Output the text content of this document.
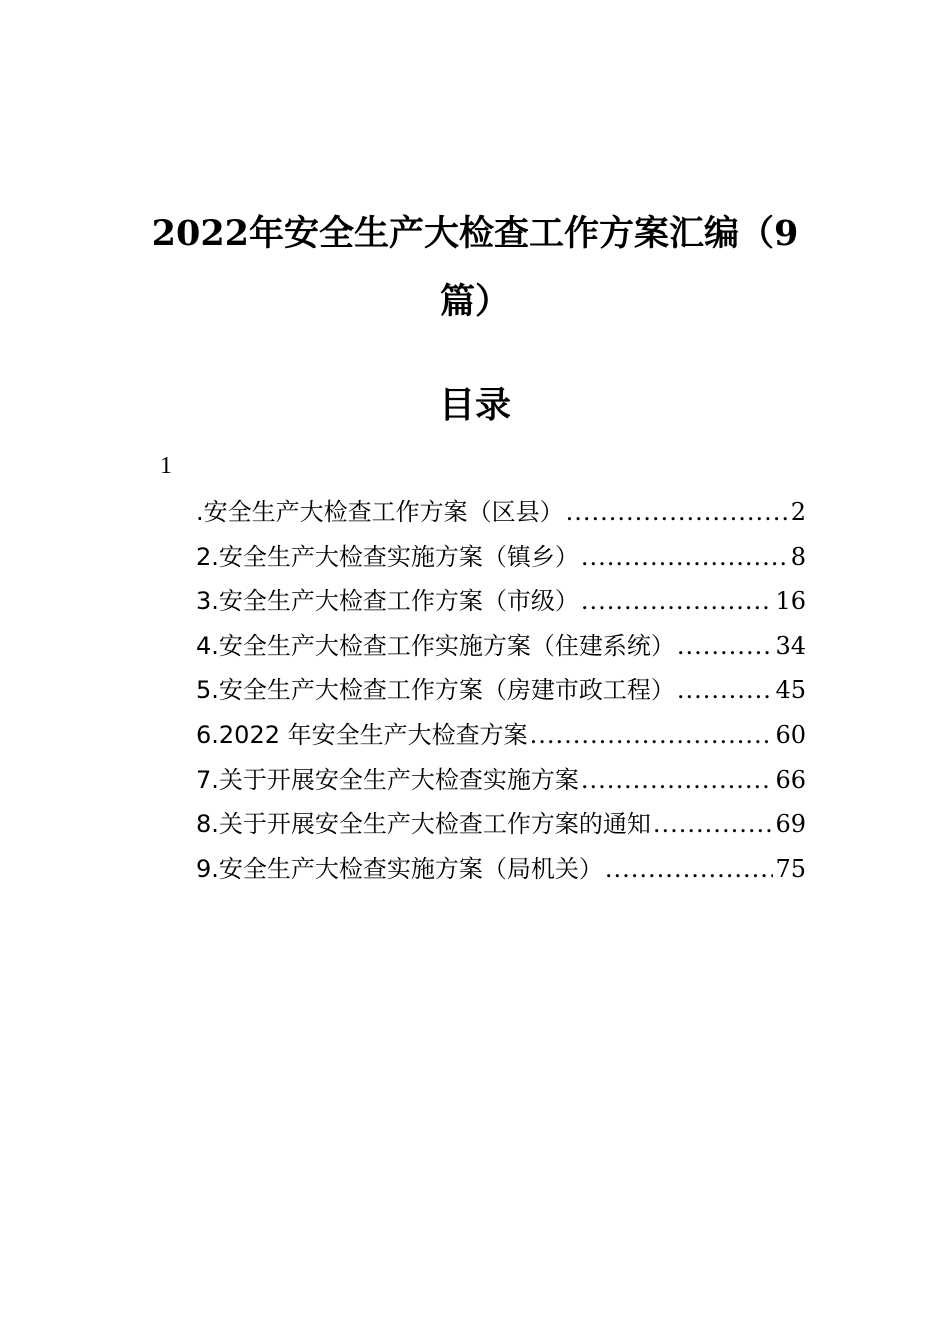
2022年安全生产大检查工作方案汇编（9
篇）
目录
1
.安全生产大检查工作方案（区县） .....	2
2.安全生产大检查实施方案（镇乡） .....	8
3.安全生产大检查工作方案（市级） .....	16
4.安全生产大检查工作实施方案（住建系统） .....	34
5.安全生产大检查工作方案（房建市政工程） .....	45
6.2022 年安全生产大检查方案 .....	60
7.关于开展安全生产大检查实施方案 .....	66
8.关于开展安全生产大检查工作方案的通知 .....	69
9.安全生产大检查实施方案（局机关） .....	75
